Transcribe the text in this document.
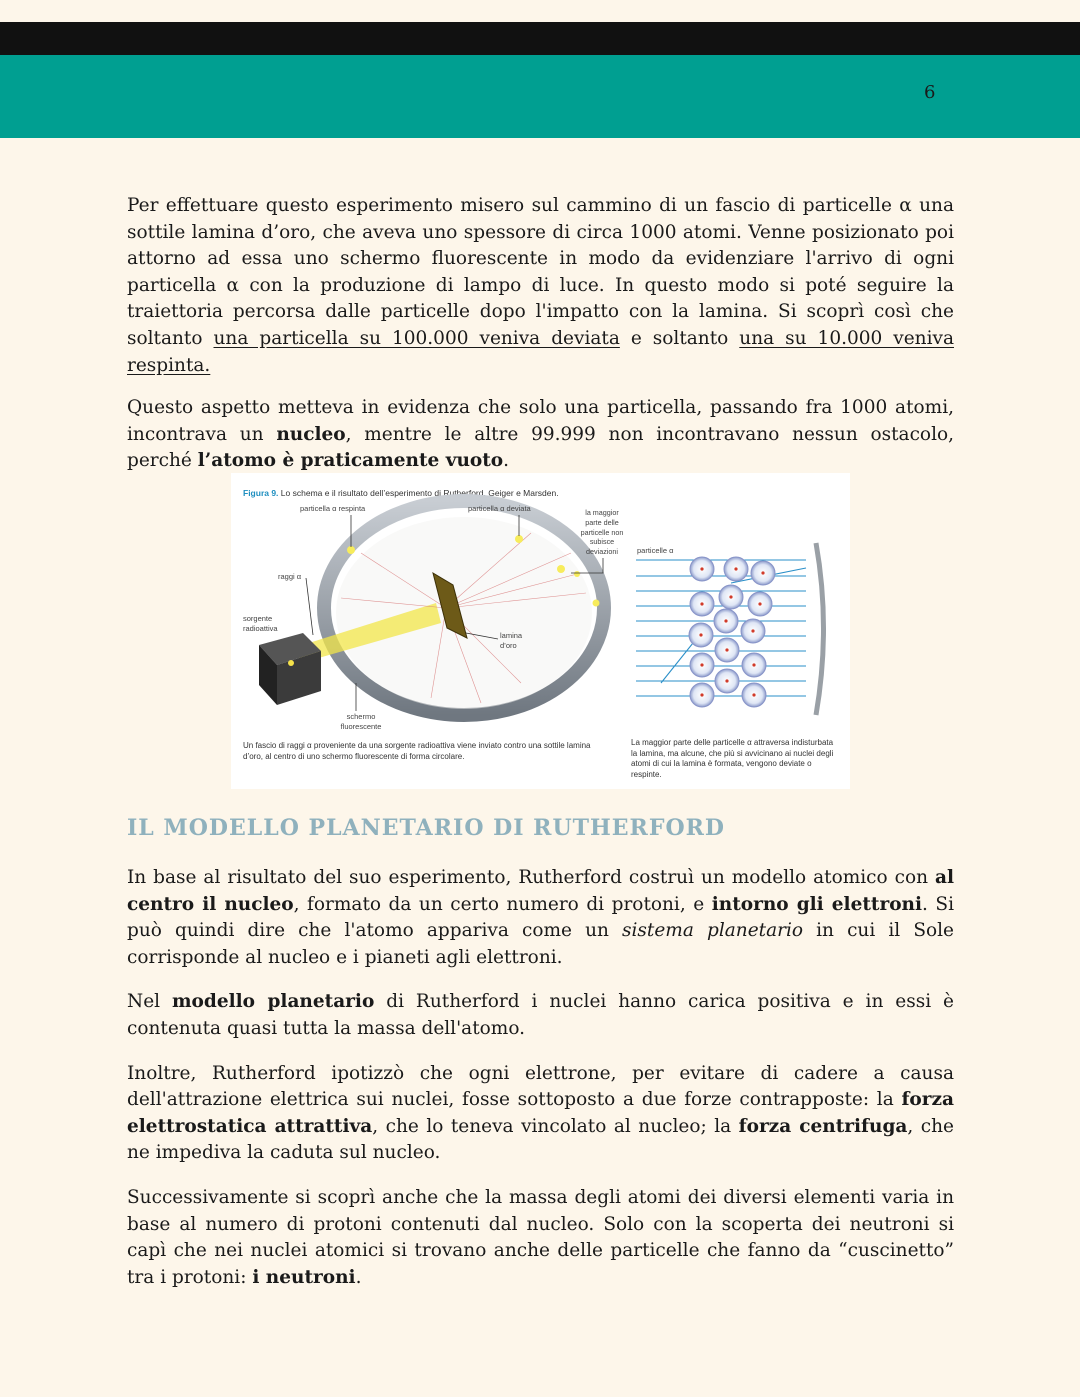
6

Per effettuare questo esperimento misero sul cammino di un fascio di particelle α una sottile lamina d’oro, che aveva uno spessore di circa 1000 atomi. Venne posizionato poi attorno ad essa uno schermo fluorescente in modo da evidenziare l'arrivo di ogni particella α con la produzione di lampo di luce. In questo modo si poté seguire la traiettoria percorsa dalle particelle dopo l'impatto con la lamina. Si scoprì così che soltanto una particella su 100.000 veniva deviata e soltanto una su 10.000 veniva respinta.

Questo aspetto metteva in evidenza che solo una particella, passando fra 1000 atomi, incontrava un nucleo, mentre le altre 99.999 non incontravano nessun ostacolo, perché l’atomo è praticamente vuoto.

Figura 9. Lo schema e il risultato dell’esperimento di Rutherford, Geiger e Marsden.
particella α respinta	particella α deviata	la maggior parte delle particelle non subisce deviazioni
raggi α
sorgente radioattiva
lamina d’oro
schermo fluorescente
particelle α
Un fascio di raggi α proveniente da una sorgente radioattiva viene inviato contro una sottile lamina d’oro, al centro di uno schermo fluorescente di forma circolare.
La maggior parte delle particelle α attraversa indisturbata la lamina, ma alcune, che più si avvicinano ai nuclei degli atomi di cui la lamina è formata, vengono deviate o respinte.
IL MODELLO PLANETARIO DI RUTHERFORD

In base al risultato del suo esperimento, Rutherford costruì un modello atomico con al centro il nucleo, formato da un certo numero di protoni, e intorno gli elettroni. Si può quindi dire che l'atomo appariva come un sistema planetario in cui il Sole corrisponde al nucleo e i pianeti agli elettroni.

Nel modello planetario di Rutherford i nuclei hanno carica positiva e in essi è contenuta quasi tutta la massa dell'atomo.

Inoltre, Rutherford ipotizzò che ogni elettrone, per evitare di cadere a causa dell'attrazione elettrica sui nuclei, fosse sottoposto a due forze contrapposte: la forza elettrostatica attrattiva, che lo teneva vincolato al nucleo; la forza centrifuga, che ne impediva la caduta sul nucleo.

Successivamente si scoprì anche che la massa degli atomi dei diversi elementi varia in base al numero di protoni contenuti dal nucleo. Solo con la scoperta dei neutroni si capì che nei nuclei atomici si trovano anche delle particelle che fanno da “cuscinetto” tra i protoni: i neutroni.
